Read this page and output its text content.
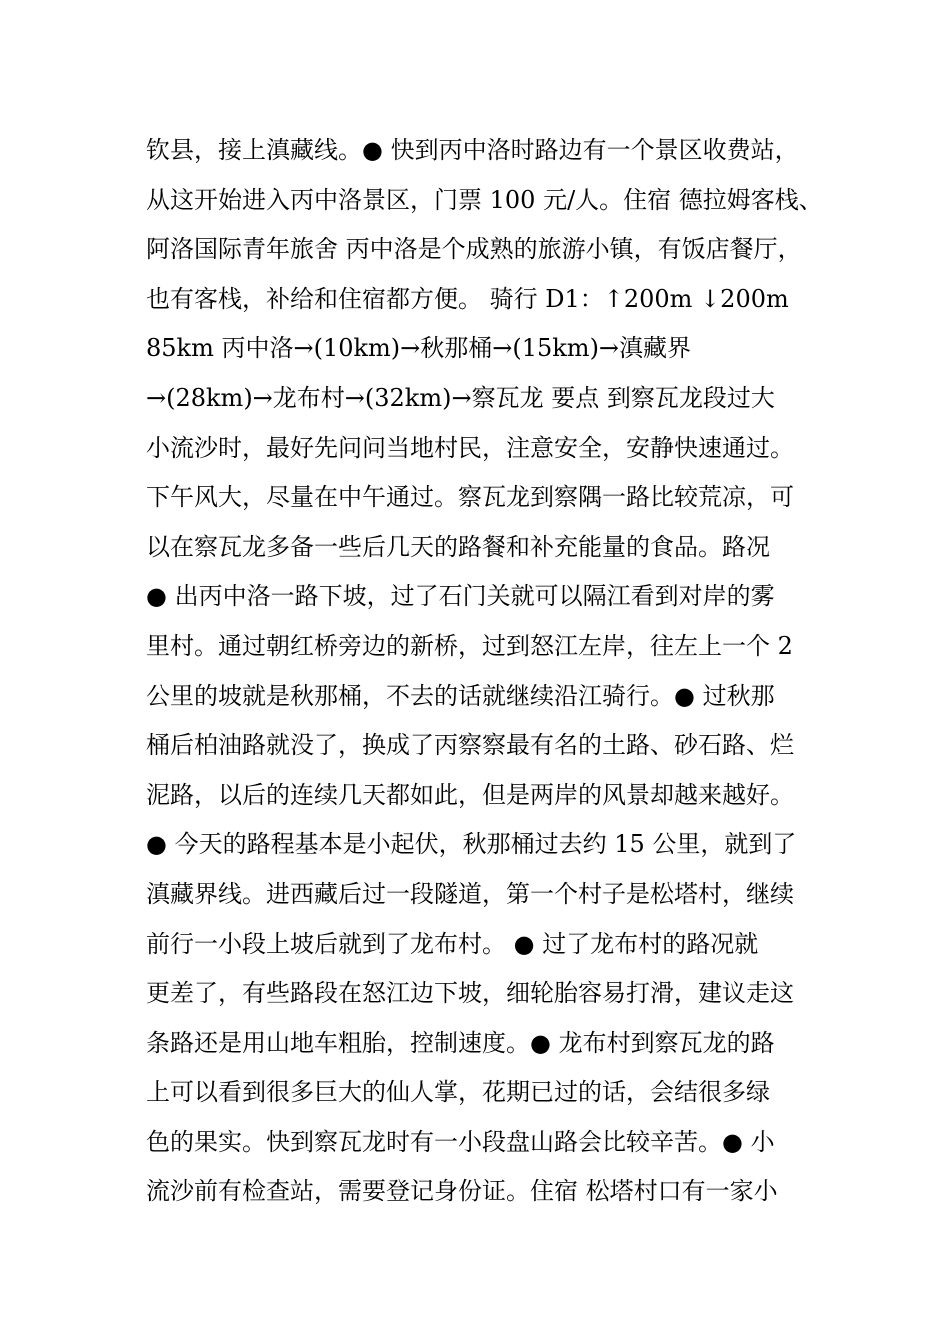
钦县，接上滇藏线。● 快到丙中洛时路边有一个景区收费站，
从这开始进入丙中洛景区，门票 100 元/人。住宿 德拉姆客栈、
阿洛国际青年旅舍 丙中洛是个成熟的旅游小镇，有饭店餐厅，
也有客栈，补给和住宿都方便。 骑行 D1：↑200m ↓200m
85km 丙中洛→(10km)→秋那桶→(15km)→滇藏界
→(28km)→龙布村→(32km)→察瓦龙 要点 到察瓦龙段过大
小流沙时，最好先问问当地村民，注意安全，安静快速通过。
下午风大，尽量在中午通过。察瓦龙到察隅一路比较荒凉，可
以在察瓦龙多备一些后几天的路餐和补充能量的食品。路况
● 出丙中洛一路下坡，过了石门关就可以隔江看到对岸的雾
里村。通过朝红桥旁边的新桥，过到怒江左岸，往左上一个 2
公里的坡就是秋那桶，不去的话就继续沿江骑行。● 过秋那
桶后柏油路就没了，换成了丙察察最有名的土路、砂石路、烂
泥路，以后的连续几天都如此，但是两岸的风景却越来越好。
● 今天的路程基本是小起伏，秋那桶过去约 15 公里，就到了
滇藏界线。进西藏后过一段隧道，第一个村子是松塔村，继续
前行一小段上坡后就到了龙布村。 ● 过了龙布村的路况就
更差了，有些路段在怒江边下坡，细轮胎容易打滑，建议走这
条路还是用山地车粗胎，控制速度。● 龙布村到察瓦龙的路
上可以看到很多巨大的仙人掌，花期已过的话，会结很多绿
色的果实。快到察瓦龙时有一小段盘山路会比较辛苦。● 小
流沙前有检查站，需要登记身份证。住宿 松塔村口有一家小
